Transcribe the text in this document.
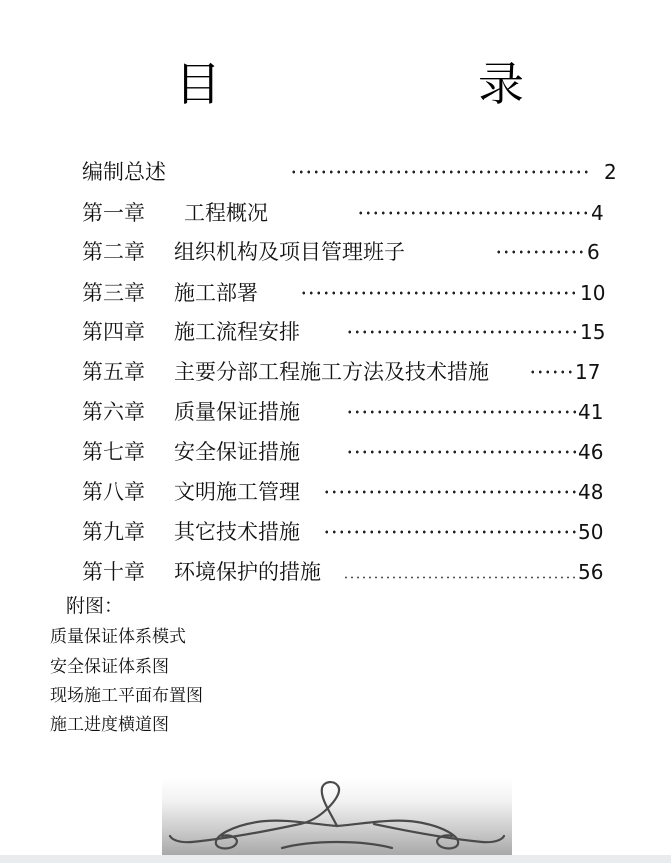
目	录
编制总述	2
第一章 工程概况	4
第二章 组织机构及项目管理班子	6
第三章 施工部署	10
第四章 施工流程安排	15
第五章 主要分部工程施工方法及技术措施	17
第六章 质量保证措施	41
第七章 安全保证措施	46
第八章 文明施工管理	48
第九章 其它技术措施	50
第十章 环境保护的措施	56
附图：
质量保证体系模式
安全保证体系图
现场施工平面布置图
施工进度横道图
